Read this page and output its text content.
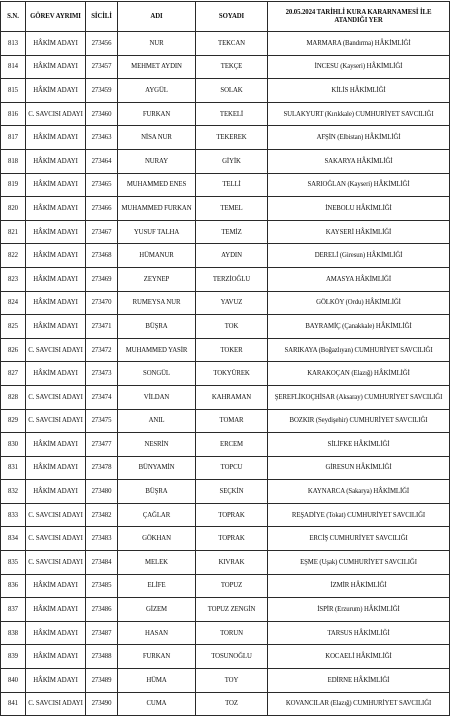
S.N.	GÖREV AYRIMI	SİCİLİ	ADI	SOYADI	20.05.2024 TARİHLİ KURA KARARNAMESİ İLE ATANDIĞI YER
813	HÂKİM ADAYI	273456	NUR	TEKCAN	MARMARA (Bandırma) HÂKİMLİĞİ
814	HÂKİM ADAYI	273457	MEHMET AYDIN	TEKÇE	İNCESU (Kayseri) HÂKİMLİĞİ
815	HÂKİM ADAYI	273459	AYGÜL	SOLAK	KİLİS HÂKİMLİĞİ
816	C. SAVCISI ADAYI	273460	FURKAN	TEKELİ	SULAKYURT (Kırıkkale) CUMHURİYET SAVCILIĞI
817	HÂKİM ADAYI	273463	NİSA NUR	TEKEREK	AFŞİN (Elbistan) HÂKİMLİĞİ
818	HÂKİM ADAYI	273464	NURAY	GİYİK	SAKARYA HÂKİMLİĞİ
819	HÂKİM ADAYI	273465	MUHAMMED ENES	TELLİ	SARIOĞLAN (Kayseri) HÂKİMLİĞİ
820	HÂKİM ADAYI	273466	MUHAMMED FURKAN	TEMEL	İNEBOLU HÂKİMLİĞİ
821	HÂKİM ADAYI	273467	YUSUF TALHA	TEMİZ	KAYSERİ HÂKİMLİĞİ
822	HÂKİM ADAYI	273468	HÜMANUR	AYDIN	DERELİ (Giresun) HÂKİMLİĞİ
823	HÂKİM ADAYI	273469	ZEYNEP	TERZİOĞLU	AMASYA HÂKİMLİĞİ
824	HÂKİM ADAYI	273470	RUMEYSA NUR	YAVUZ	GÖLKÖY (Ordu) HÂKİMLİĞİ
825	HÂKİM ADAYI	273471	BÜŞRA	TOK	BAYRAMİÇ (Çanakkale) HÂKİMLİĞİ
826	C. SAVCISI ADAYI	273472	MUHAMMED YASİR	TOKER	SARIKAYA (Boğazlıyan) CUMHURİYET SAVCILIĞI
827	HÂKİM ADAYI	273473	SONGÜL	TOKYÜREK	KARAKOÇAN (Elazığ) HÂKİMLİĞİ
828	C. SAVCISI ADAYI	273474	VİLDAN	KAHRAMAN	ŞEREFLİKOÇHİSAR (Aksaray) CUMHURİYET SAVCILIĞI
829	C. SAVCISI ADAYI	273475	ANIL	TOMAR	BOZKIR (Seydişehir) CUMHURİYET SAVCILIĞI
830	HÂKİM ADAYI	273477	NESRİN	ERCEM	SİLİFKE HÂKİMLİĞİ
831	HÂKİM ADAYI	273478	BÜNYAMİN	TOPCU	GİRESUN HÂKİMLİĞİ
832	HÂKİM ADAYI	273480	BÜŞRA	SEÇKİN	KAYNARCA (Sakarya) HÂKİMLİĞİ
833	C. SAVCISI ADAYI	273482	ÇAĞLAR	TOPRAK	REŞADİYE (Tokat) CUMHURİYET SAVCILIĞI
834	C. SAVCISI ADAYI	273483	GÖKHAN	TOPRAK	ERCİŞ CUMHURİYET SAVCILIĞI
835	C. SAVCISI ADAYI	273484	MELEK	KIVRAK	EŞME (Uşak) CUMHURİYET SAVCILIĞI
836	HÂKİM ADAYI	273485	ELİFE	TOPUZ	İZMİR HÂKİMLİĞİ
837	HÂKİM ADAYI	273486	GİZEM	TOPUZ ZENGİN	İSPİR (Erzurum) HÂKİMLİĞİ
838	HÂKİM ADAYI	273487	HASAN	TORUN	TARSUS HÂKİMLİĞİ
839	HÂKİM ADAYI	273488	FURKAN	TOSUNOĞLU	KOCAELİ HÂKİMLİĞİ
840	HÂKİM ADAYI	273489	HÜMA	TOY	EDİRNE HÂKİMLİĞİ
841	C. SAVCISI ADAYI	273490	CUMA	TOZ	KOVANCILAR (Elazığ) CUMHURİYET SAVCILIĞI
